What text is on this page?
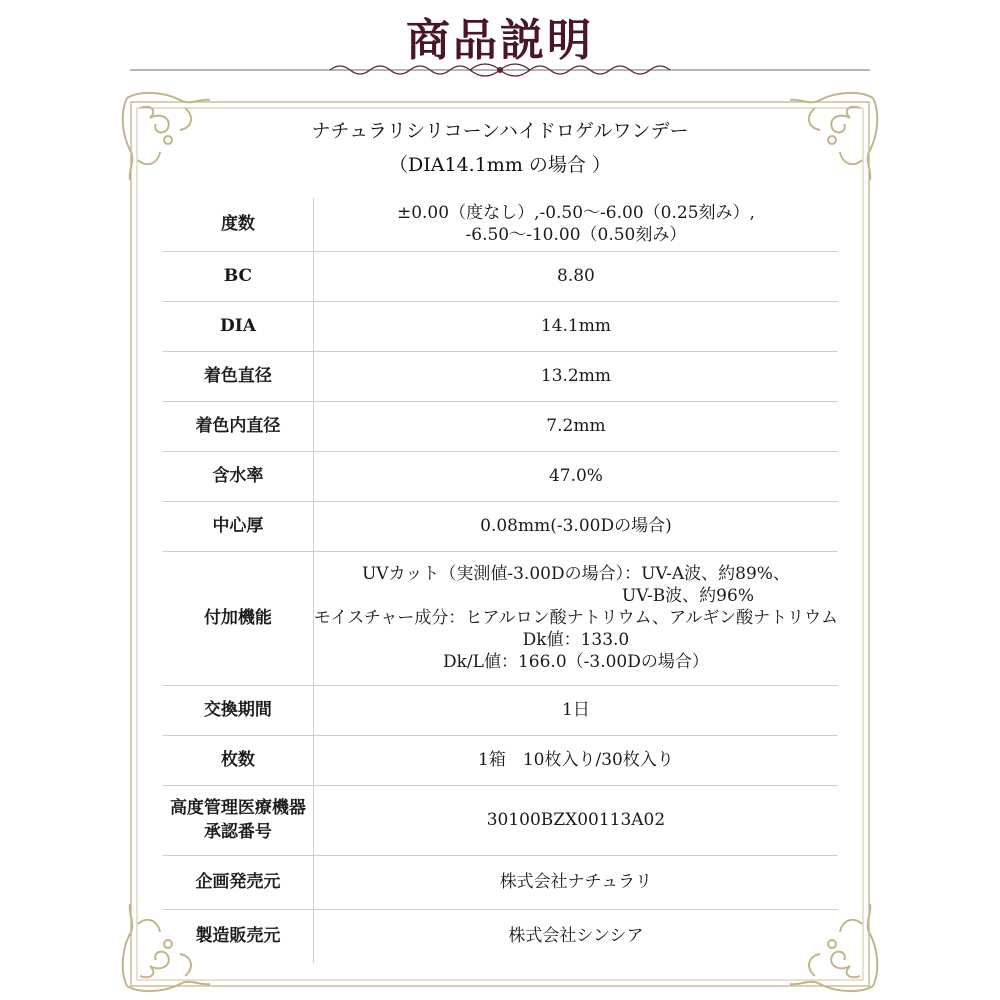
商品説明
ナチュラリシリコーンハイドロゲルワンデー
（DIA14.1mm の場合 ）
度数	±0.00（度なし）,-0.50〜-6.00（0.25刻み）,
-6.50〜-10.00（0.50刻み）

BC	8.80
DIA	14.1mm
着色直径	13.2mm
着色内直径	7.2mm
含水率	47.0%
中心厚	0.08mm(-3.00Dの場合)
付加機能	UVカット（実測値-3.00Dの場合）：UV-A波、約89%、
UV-B波、約96%
モイスチャー成分：ヒアルロン酸ナトリウム、アルギン酸ナトリウム
Dk値：133.0
Dk/L値：166.0（-3.00Dの場合）

交換期間	1日
枚数	1箱　10枚入り/30枚入り

高度管理医療機器
承認番号	30100BZX00113A02
企画発売元	株式会社ナチュラリ
製造販売元	株式会社シンシア
